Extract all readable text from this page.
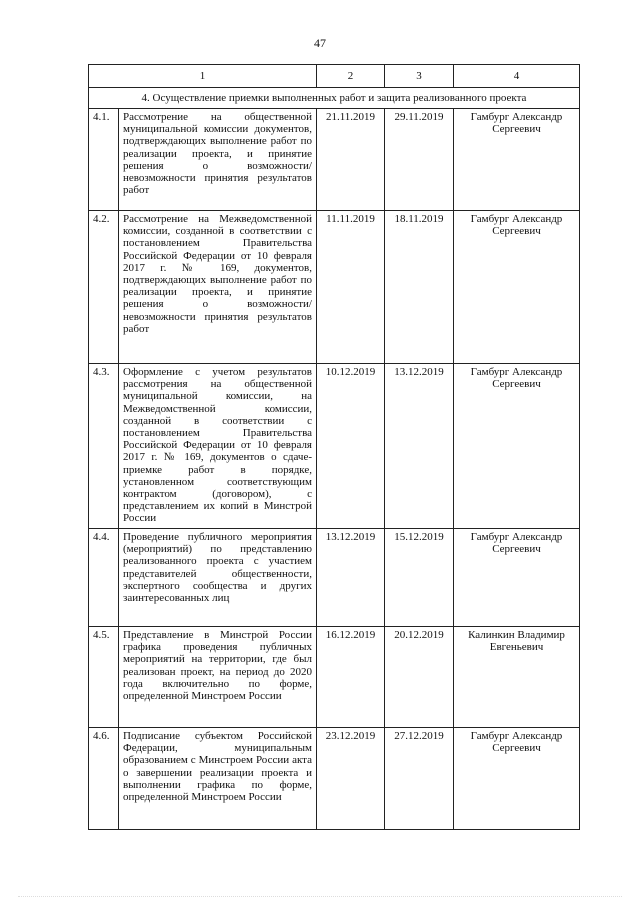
47
1		2	3	4
4. Осуществление приемки выполненных работ и защита реализованного проекта				
4.1.	Рассмотрение на общественной муниципальной комиссии документов, подтверждающих выполнение работ по реализации проекта, и принятие решения о возможности/невозможности принятия результатов работ	21.11.2019	29.11.2019	Гамбург Александр Сергеевич
4.2.	Рассмотрение на Межведомственной комиссии, созданной в соответствии с постановлением Правительства Российской Федерации от 10 февраля 2017 г. № 169, документов, подтверждающих выполнение работ по реализации проекта, и принятие решения о возможности/невозможности принятия результатов работ	11.11.2019	18.11.2019	Гамбург Александр Сергеевич
4.3.	Оформление с учетом результатов рассмотрения на общественной муниципальной комиссии, на Межведомственной комиссии, созданной в соответствии с постановлением Правительства Российской Федерации от 10 февраля 2017 г. № 169, документов о сдаче-приемке работ в порядке, установленном соответствующим контрактом (договором), с представлением их копий в Минстрой России	10.12.2019	13.12.2019	Гамбург Александр Сергеевич
4.4.	Проведение публичного мероприятия (мероприятий) по представлению реализованного проекта с участием представителей общественности, экспертного сообщества и других заинтересованных лиц	13.12.2019	15.12.2019	Гамбург Александр Сергеевич
4.5.	Представление в Минстрой России графика проведения публичных мероприятий на территории, где был реализован проект, на период до 2020 года включительно по форме, определенной Минстроем России	16.12.2019	20.12.2019	Калинкин Владимир Евгеньевич
4.6.	Подписание субъектом Российской Федерации, муниципальным образованием с Минстроем России акта о завершении реализации проекта и выполнении графика по форме, определенной Минстроем России	23.12.2019	27.12.2019	Гамбург Александр Сергеевич
